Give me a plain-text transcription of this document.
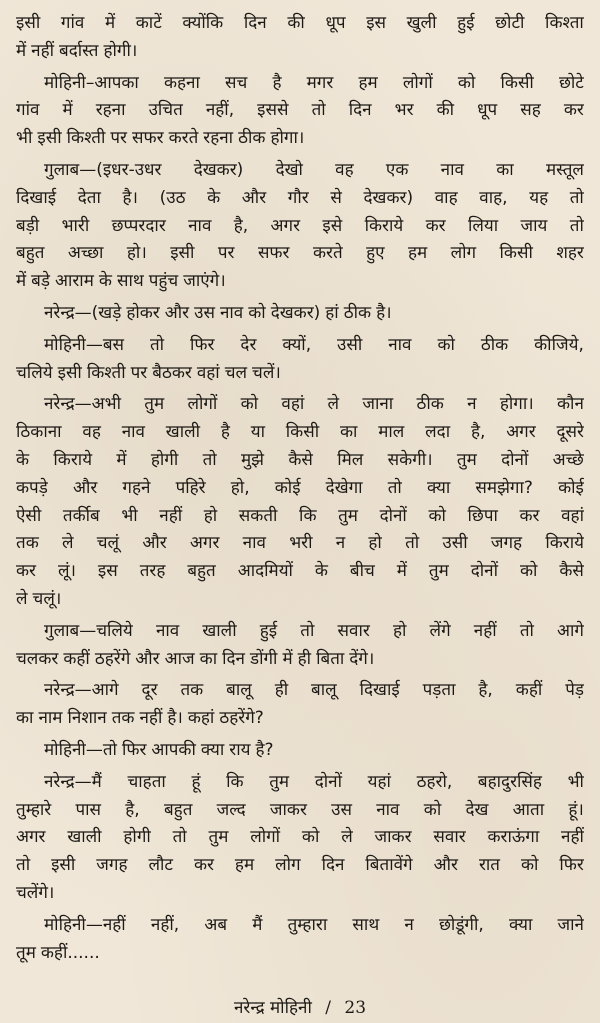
इसी गांव में काटें क्योंकि दिन की धूप इस खुली हुई छोटी किश्ता
में नहीं बर्दास्त होगी।
मोहिनी–आपका कहना सच है मगर हम लोगों को किसी छोटे
गांव में रहना उचित नहीं, इससे तो दिन भर की धूप सह कर
भी इसी किश्ती पर सफर करते रहना ठीक होगा।
गुलाब—(इधर-उधर देखकर) देखो वह एक नाव का मस्तूल
दिखाई देता है। (उठ के और गौर से देखकर) वाह वाह, यह तो
बड़ी भारी छप्परदार नाव है, अगर इसे किराये कर लिया जाय तो
बहुत अच्छा हो। इसी पर सफर करते हुए हम लोग किसी शहर
में बड़े आराम के साथ पहुंच जाएंगे।
नरेन्द्र—(खड़े होकर और उस नाव को देखकर) हां ठीक है।
मोहिनी—बस तो फिर देर क्यों, उसी नाव को ठीक कीजिये,
चलिये इसी किश्ती पर बैठकर वहां चल चलें।
नरेन्द्र—अभी तुम लोगों को वहां ले जाना ठीक न होगा। कौन
ठिकाना वह नाव खाली है या किसी का माल लदा है, अगर दूसरे
के किराये में होगी तो मुझे कैसे मिल सकेगी। तुम दोनों अच्छे
कपड़े और गहने पहिरे हो, कोई देखेगा तो क्या समझेगा? कोई
ऐसी तर्कीब भी नहीं हो सकती कि तुम दोनों को छिपा कर वहां
तक ले चलूं और अगर नाव भरी न हो तो उसी जगह किराये
कर लूं। इस तरह बहुत आदमियों के बीच में तुम दोनों को कैसे
ले चलूं।
गुलाब—चलिये नाव खाली हुई तो सवार हो लेंगे नहीं तो आगे
चलकर कहीं ठहरेंगे और आज का दिन डोंगी में ही बिता देंगे।
नरेन्द्र—आगे दूर तक बालू ही बालू दिखाई पड़ता है, कहीं पेड़
का नाम निशान तक नहीं है। कहां ठहरेंगे?
मोहिनी—तो फिर आपकी क्या राय है?
नरेन्द्र—मैं चाहता हूं कि तुम दोनों यहां ठहरो, बहादुरसिंह भी
तुम्हारे पास है, बहुत जल्द जाकर उस नाव को देख आता हूं।
अगर खाली होगी तो तुम लोगों को ले जाकर सवार कराऊंगा नहीं
तो इसी जगह लौट कर हम लोग दिन बितावेंगे और रात को फिर
चलेंगे।
मोहिनी—नहीं नहीं, अब मैं तुम्हारा साथ न छोडूंगी, क्या जाने
तूम कहीं......
नरेन्द्र मोहिनी / 23
